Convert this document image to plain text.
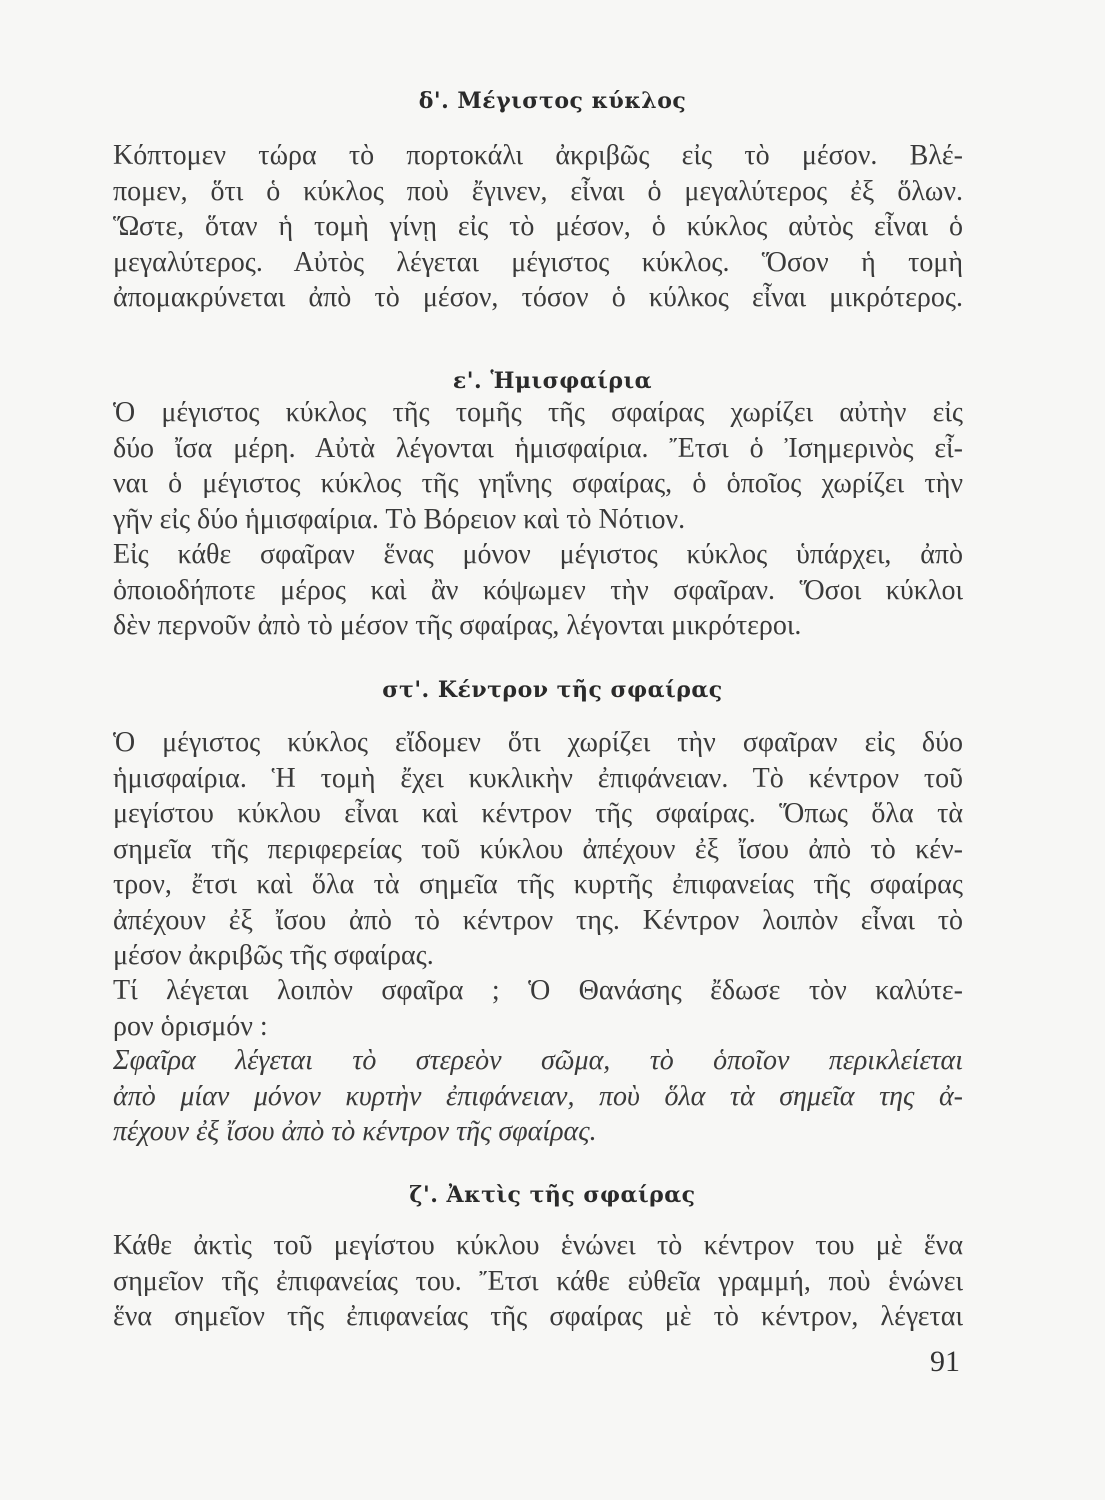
δ'. Μέγιστος κύκλος
Κόπτομεν τώρα τὸ πορτοκάλι ἀκριβῶς εἰς τὸ μέσον. Βλέ-
πομεν, ὅτι ὁ κύκλος ποὺ ἔγινεν, εἶναι ὁ μεγαλύτερος ἐξ ὅλων.
Ὥστε, ὅταν ἡ τομὴ γίνῃ εἰς τὸ μέσον, ὁ κύκλος αὐτὸς εἶναι ὁ
μεγαλύτερος. Αὐτὸς λέγεται μέγιστος κύκλος. Ὅσον ἡ τομὴ
ἀπομακρύνεται ἀπὸ τὸ μέσον, τόσον ὁ κύλκος εἶναι μικρότερος.
ε'. Ἡμισφαίρια
Ὁ μέγιστος κύκλος τῆς τομῆς τῆς σφαίρας χωρίζει αὐτὴν εἰς
δύο ἴσα μέρη. Αὐτὰ λέγονται ἡμισφαίρια. Ἔτσι ὁ Ἰσημερινὸς εἶ-
ναι ὁ μέγιστος κύκλος τῆς γηΐνης σφαίρας, ὁ ὁποῖος χωρίζει τὴν
γῆν εἰς δύο ἡμισφαίρια. Τὸ Βόρειον καὶ τὸ Νότιον.
Εἰς κάθε σφαῖραν ἕνας μόνον μέγιστος κύκλος ὑπάρχει, ἀπὸ
ὁποιοδήποτε μέρος καὶ ἂν κόψωμεν τὴν σφαῖραν. Ὅσοι κύκλοι
δὲν περνοῦν ἀπὸ τὸ μέσον τῆς σφαίρας, λέγονται μικρότεροι.
στ'. Κέντρον τῆς σφαίρας
Ὁ μέγιστος κύκλος εἴδομεν ὅτι χωρίζει τὴν σφαῖραν εἰς δύο
ἡμισφαίρια. Ἡ τομὴ ἔχει κυκλικὴν ἐπιφάνειαν. Τὸ κέντρον τοῦ
μεγίστου κύκλου εἶναι καὶ κέντρον τῆς σφαίρας. Ὅπως ὅλα τὰ
σημεῖα τῆς περιφερείας τοῦ κύκλου ἀπέχουν ἐξ ἴσου ἀπὸ τὸ κέν-
τρον, ἔτσι καὶ ὅλα τὰ σημεῖα τῆς κυρτῆς ἐπιφανείας τῆς σφαίρας
ἀπέχουν ἐξ ἴσου ἀπὸ τὸ κέντρον της. Κέντρον λοιπὸν εἶναι τὸ
μέσον ἀκριβῶς τῆς σφαίρας.
Τί λέγεται λοιπὸν σφαῖρα ; Ὁ Θανάσης ἔδωσε τὸν καλύτε-
ρον ὁρισμόν :
Σφαῖρα λέγεται τὸ στερεὸν σῶμα, τὸ ὁποῖον περικλείεται
ἀπὸ μίαν μόνον κυρτὴν ἐπιφάνειαν, ποὺ ὅλα τὰ σημεῖα της ἀ-
πέχουν ἐξ ἴσου ἀπὸ τὸ κέντρον τῆς σφαίρας.
ζ'. Ἀκτὶς τῆς σφαίρας
Κάθε ἀκτὶς τοῦ μεγίστου κύκλου ἑνώνει τὸ κέντρον του μὲ ἕνα
σημεῖον τῆς ἐπιφανείας του. Ἔτσι κάθε εὐθεῖα γραμμή, ποὺ ἑνώνει
ἕνα σημεῖον τῆς ἐπιφανείας τῆς σφαίρας μὲ τὸ κέντρον, λέγεται
91
